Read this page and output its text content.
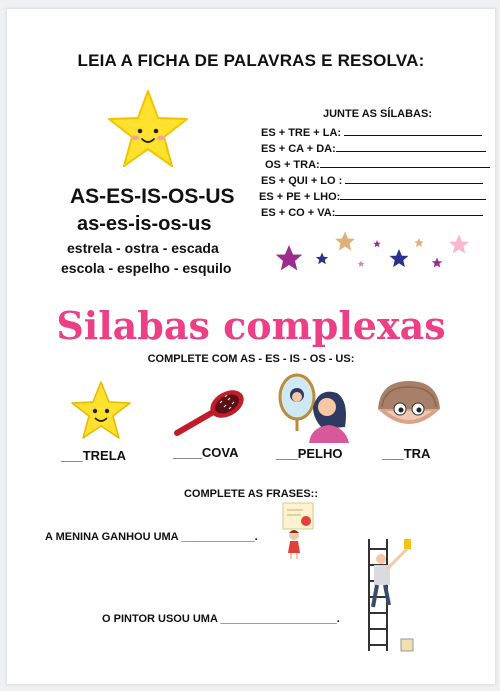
LEIA A FICHA DE PALAVRAS E RESOLVA:
AS-ES-IS-OS-US
as-es-is-os-us
estrela - ostra - escada
escola - espelho - esquilo
JUNTE AS SÍLABAS:
ES + TRE + LA:
ES + CA + DA:
OS + TRA:
ES + QUI + LO :
ES + PE + LHO:
ES + CO + VA:
Silabas complexas
COMPLETE COM AS - ES - IS - OS - US:
___TRELA	____COVA	___PELHO	___TRA
COMPLETE AS FRASES::
A MENINA GANHOU UMA ____________.
O PINTOR USOU UMA ___________________.
